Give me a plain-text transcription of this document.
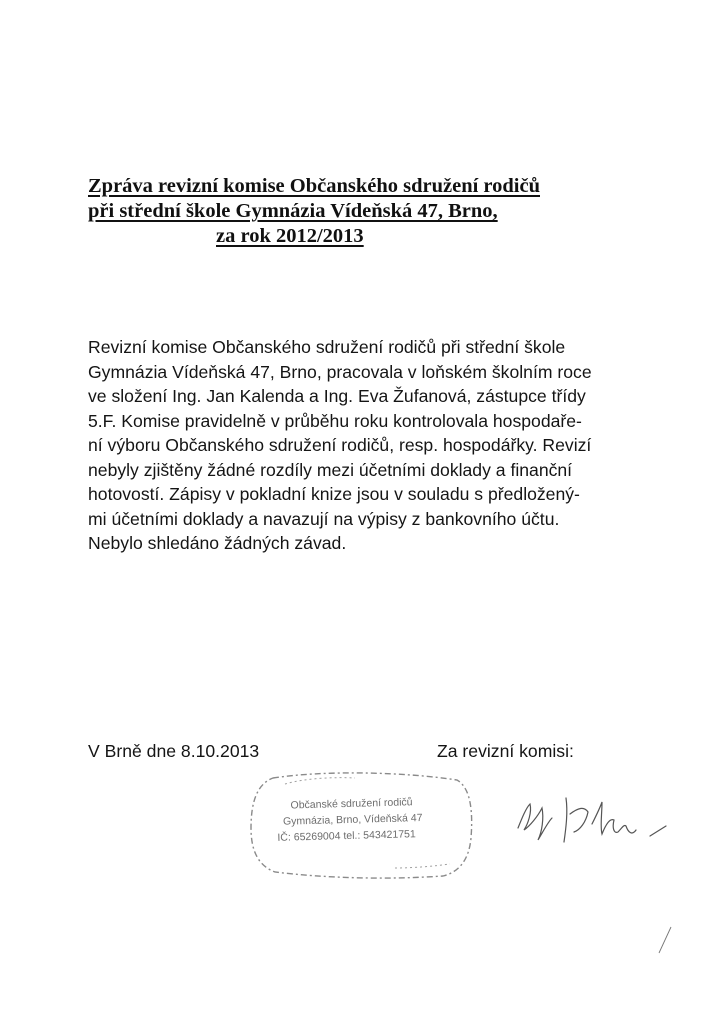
Zpráva revizní komise Občanského sdružení rodičů
při střední škole Gymnázia Vídeňská 47, Brno,
za rok 2012/2013
Revizní komise Občanského sdružení rodičů při střední škole
Gymnázia Vídeňská 47, Brno, pracovala v loňském školním roce
ve složení Ing. Jan Kalenda a Ing. Eva Žufanová, zástupce třídy
5.F. Komise pravidelně v průběhu roku kontrolovala hospodaře-
ní výboru Občanského sdružení rodičů, resp. hospodářky. Revizí
nebyly zjištěny žádné rozdíly mezi účetními doklady a finanční
hotovostí. Zápisy v pokladní knize jsou v souladu s předložený-
mi účetními doklady a navazují na výpisy z bankovního účtu.
Nebylo shledáno žádných závad.
V Brně dne 8.10.2013	Za revizní komisi:
Občanské sdružení rodičů
Gymnázia, Brno, Vídeňská 47
IČ: 65269004 tel.: 543421751
